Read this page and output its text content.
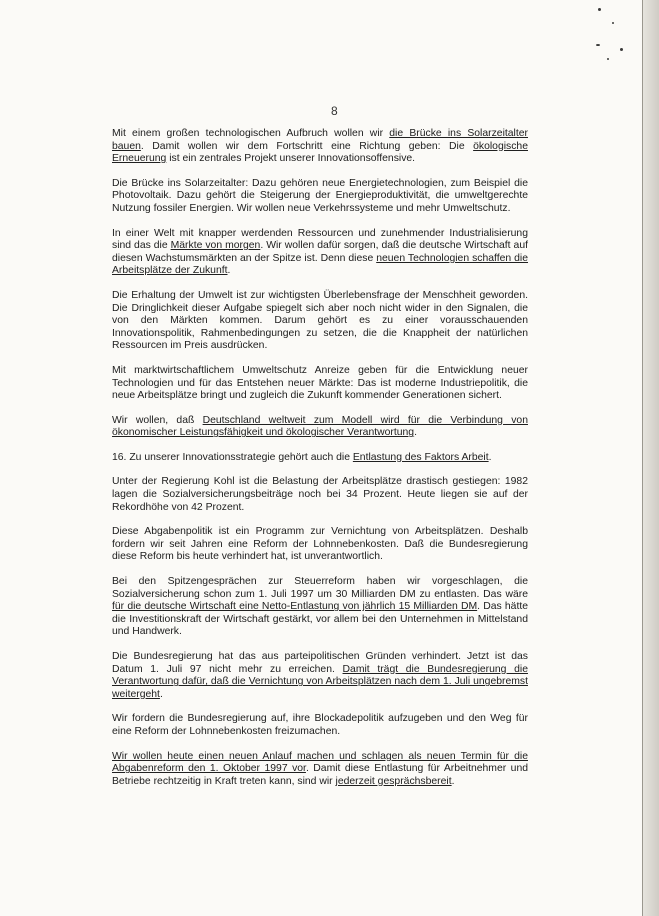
8

Mit einem großen technologischen Aufbruch wollen wir die Brücke ins Solarzeitalter bauen. Damit wollen wir dem Fortschritt eine Richtung geben: Die ökologische Erneuerung ist ein zentrales Projekt unserer Innovationsoffensive.

Die Brücke ins Solarzeitalter: Dazu gehören neue Energietechnologien, zum Beispiel die Photovoltaik. Dazu gehört die Steigerung der Energieproduktivität, die umweltgerechte Nutzung fossiler Energien. Wir wollen neue Verkehrssysteme und mehr Umweltschutz.

In einer Welt mit knapper werdenden Ressourcen und zunehmender Industrialisierung sind das die Märkte von morgen. Wir wollen dafür sorgen, daß die deutsche Wirtschaft auf diesen Wachstumsmärkten an der Spitze ist. Denn diese neuen Technologien schaffen die Arbeitsplätze der Zukunft.

Die Erhaltung der Umwelt ist zur wichtigsten Überlebensfrage der Menschheit geworden. Die Dringlichkeit dieser Aufgabe spiegelt sich aber noch nicht wider in den Signalen, die von den Märkten kommen. Darum gehört es zu einer vorausschauenden Innovationspolitik, Rahmenbedingungen zu setzen, die die Knappheit der natürlichen Ressourcen im Preis ausdrücken.

Mit marktwirtschaftlichem Umweltschutz Anreize geben für die Entwicklung neuer Technologien und für das Entstehen neuer Märkte: Das ist moderne Industriepolitik, die neue Arbeitsplätze bringt und zugleich die Zukunft kommender Generationen sichert.

Wir wollen, daß Deutschland weltweit zum Modell wird für die Verbindung von ökonomischer Leistungsfähigkeit und ökologischer Verantwortung.

16. Zu unserer Innovationsstrategie gehört auch die Entlastung des Faktors Arbeit.

Unter der Regierung Kohl ist die Belastung der Arbeitsplätze drastisch gestiegen: 1982 lagen die Sozialversicherungsbeiträge noch bei 34 Prozent. Heute liegen sie auf der Rekordhöhe von 42 Prozent.

Diese Abgabenpolitik ist ein Programm zur Vernichtung von Arbeitsplätzen. Deshalb fordern wir seit Jahren eine Reform der Lohnnebenkosten. Daß die Bundesregierung diese Reform bis heute verhindert hat, ist unverantwortlich.

Bei den Spitzengesprächen zur Steuerreform haben wir vorgeschlagen, die Sozialversicherung schon zum 1. Juli 1997 um 30 Milliarden DM zu entlasten. Das wäre für die deutsche Wirtschaft eine Netto-Entlastung von jährlich 15 Milliarden DM. Das hätte die Investitionskraft der Wirtschaft gestärkt, vor allem bei den Unternehmen in Mittelstand und Handwerk.

Die Bundesregierung hat das aus parteipolitischen Gründen verhindert. Jetzt ist das Datum 1. Juli 97 nicht mehr zu erreichen. Damit trägt die Bundesregierung die Verantwortung dafür, daß die Vernichtung von Arbeitsplätzen nach dem 1. Juli ungebremst weitergeht.

Wir fordern die Bundesregierung auf, ihre Blockadepolitik aufzugeben und den Weg für eine Reform der Lohnnebenkosten freizumachen.

Wir wollen heute einen neuen Anlauf machen und schlagen als neuen Termin für die Abgabenreform den 1. Oktober 1997 vor. Damit diese Entlastung für Arbeitnehmer und Betriebe rechtzeitig in Kraft treten kann, sind wir jederzeit gesprächsbereit.
